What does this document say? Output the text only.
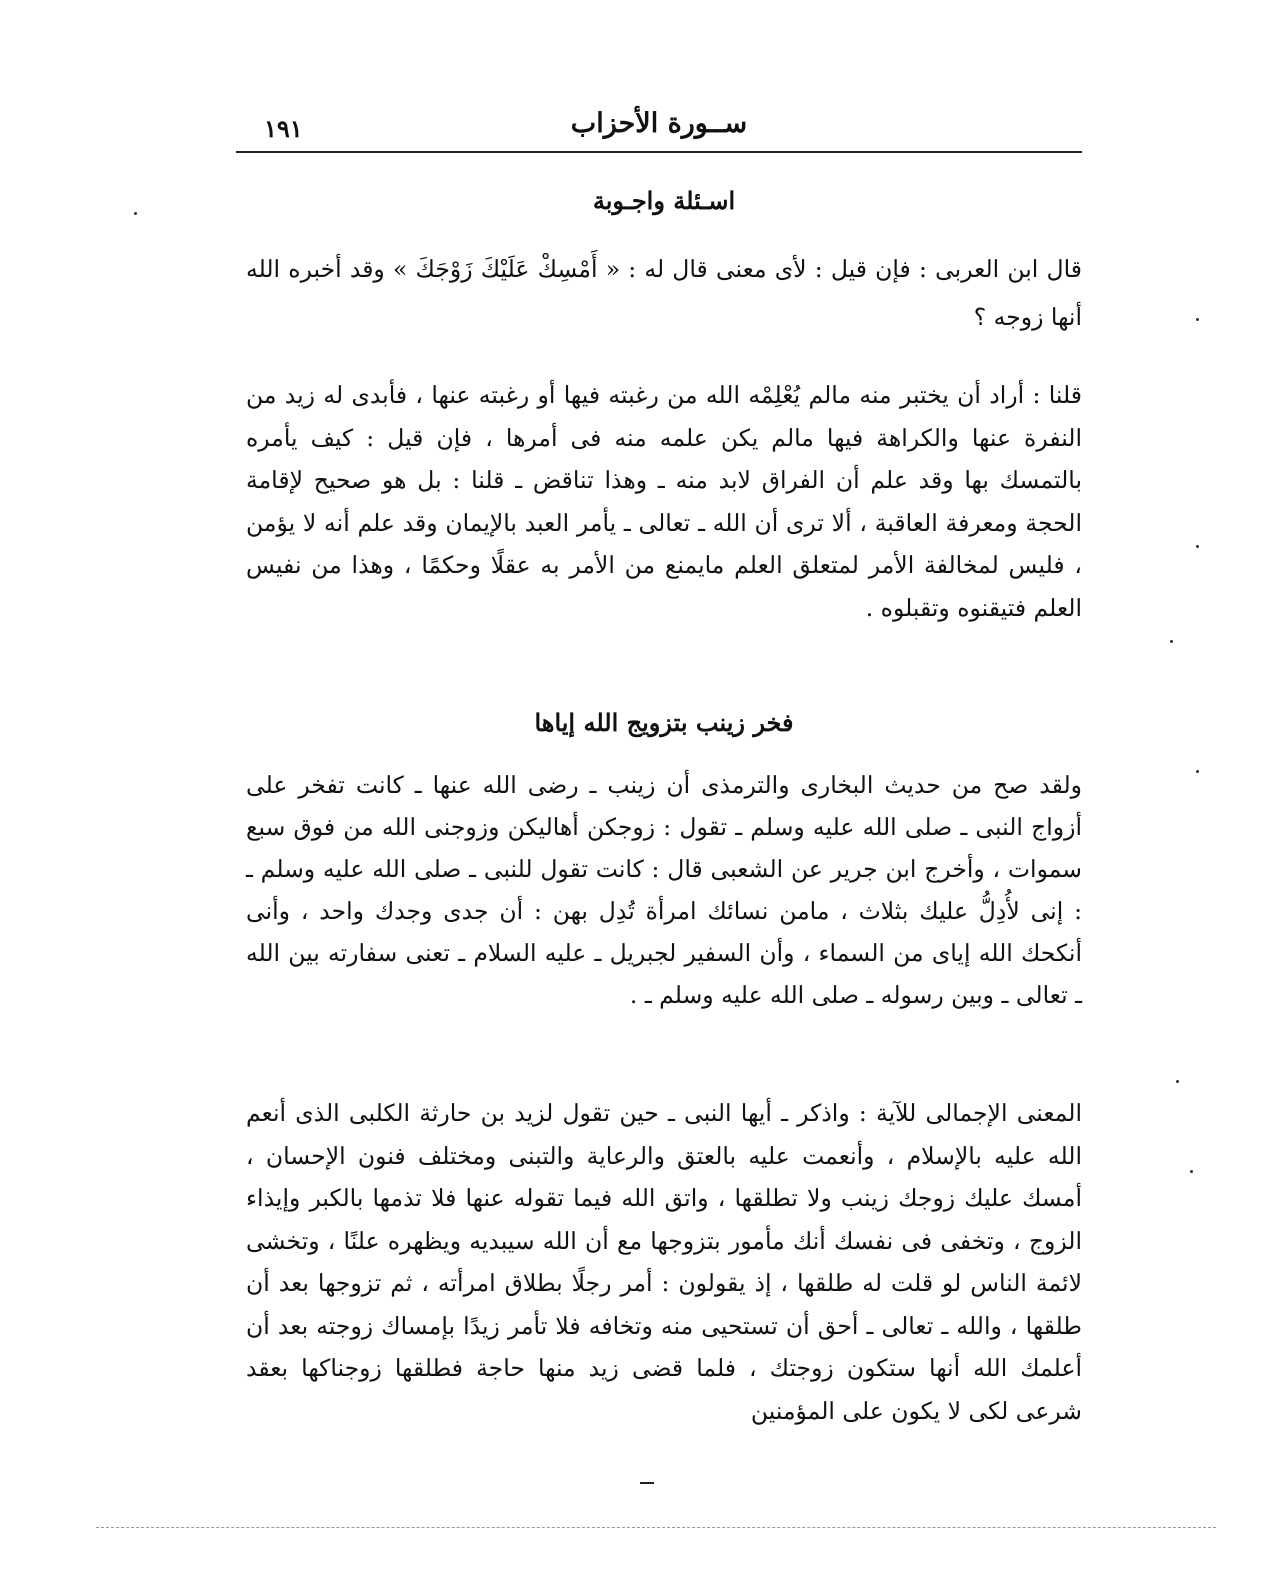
١٩١	ســورة الأحزاب
اسـئلة واجـوبة
قال ابن العربى : فإن قيل : لأى معنى قال له : « أَمْسِكْ عَلَيْكَ زَوْجَكَ » وقد أخبره الله أنها زوجه ؟
قلنا : أراد أن يختبر منه مالم يُعْلِمْه الله من رغبته فيها أو رغبته عنها ، فأبدى له زيد من النفرة عنها والكراهة فيها مالم يكن علمه منه فى أمرها ، فإن قيل : كيف يأمره بالتمسك بها وقد علم أن الفراق لابد منه ـ وهذا تناقض ـ قلنا : بل هو صحيح لإقامة الحجة ومعرفة العاقبة ، ألا ترى أن الله ـ تعالى ـ يأمر العبد بالإيمان وقد علم أنه لا يؤمن ، فليس لمخالفة الأمر لمتعلق العلم مايمنع من الأمر به عقلًا وحكمًا ، وهذا من نفيس العلم فتيقنوه وتقبلوه .
فخر زينب بتزويج الله إياها
ولقد صح من حديث البخارى والترمذى أن زينب ـ رضى الله عنها ـ كانت تفخر على أزواج النبى ـ صلى الله عليه وسلم ـ تقول : زوجكن أهاليكن وزوجنى الله من فوق سبع سموات ، وأخرج ابن جرير عن الشعبى قال : كانت تقول للنبى ـ صلى الله عليه وسلم ـ : إنى لأُدِلُّ عليك بثلاث ، مامن نسائك امرأة تُدِل بهن : أن جدى وجدك واحد ، وأنى أنكحك الله إياى من السماء ، وأن السفير لجبريل ـ عليه السلام ـ تعنى سفارته بين الله ـ تعالى ـ وبين رسوله ـ صلى الله عليه وسلم ـ .
المعنى الإجمالى للآية : واذكر ـ أيها النبى ـ حين تقول لزيد بن حارثة الكلبى الذى أنعم الله عليه بالإسلام ، وأنعمت عليه بالعتق والرعاية والتبنى ومختلف فنون الإحسان ، أمسك عليك زوجك زينب ولا تطلقها ، واتق الله فيما تقوله عنها فلا تذمها بالكبر وإيذاء الزوج ، وتخفى فى نفسك أنك مأمور بتزوجها مع أن الله سيبديه ويظهره علنًا ، وتخشى لائمة الناس لو قلت له طلقها ، إذ يقولون : أمر رجلًا بطلاق امرأته ، ثم تزوجها بعد أن طلقها ، والله ـ تعالى ـ أحق أن تستحيى منه وتخافه فلا تأمر زيدًا بإمساك زوجته بعد أن أعلمك الله أنها ستكون زوجتك ، فلما قضى زيد منها حاجة فطلقها زوجناكها بعقد شرعى لكى لا يكون على المؤمنين
